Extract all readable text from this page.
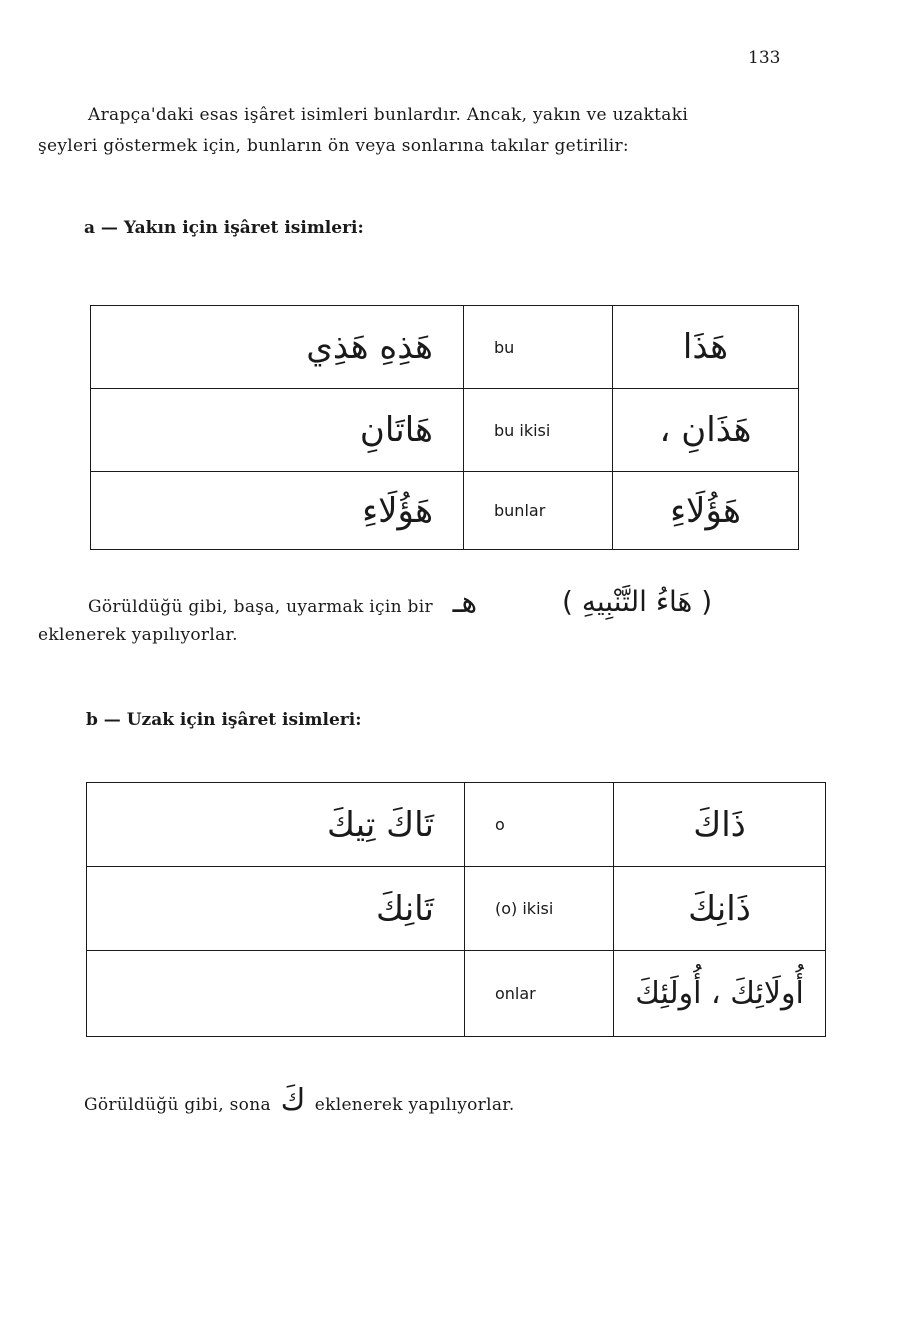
133
Arapça'daki esas işâret isimleri bunlardır. Ancak, yakın ve uzaktaki
şeyleri göstermek için, bunların ön veya sonlarına takılar getirilir:
a — Yakın için işâret isimleri:
هَذِهِ هَذِي	bu	هَذَا
هَاتَانِ	bu ikisi	هَذَانِ ،
هَؤُلَاءِ	bunlar	هَؤُلَاءِ
Görüldüğü gibi, başa, uyarmak için bir هـ	( هَاءُ التَّنْبِيهِ )
eklenerek yapılıyorlar.
b — Uzak için işâret isimleri:
تَاكَ تِيكَ	o	ذَاكَ
تَانِكَ	(o) ikisi	ذَانِكَ
	onlar	أُولَائِكَ ، أُولَئِكَ
Görüldüğü gibi, sona كَ eklenerek yapılıyorlar.
